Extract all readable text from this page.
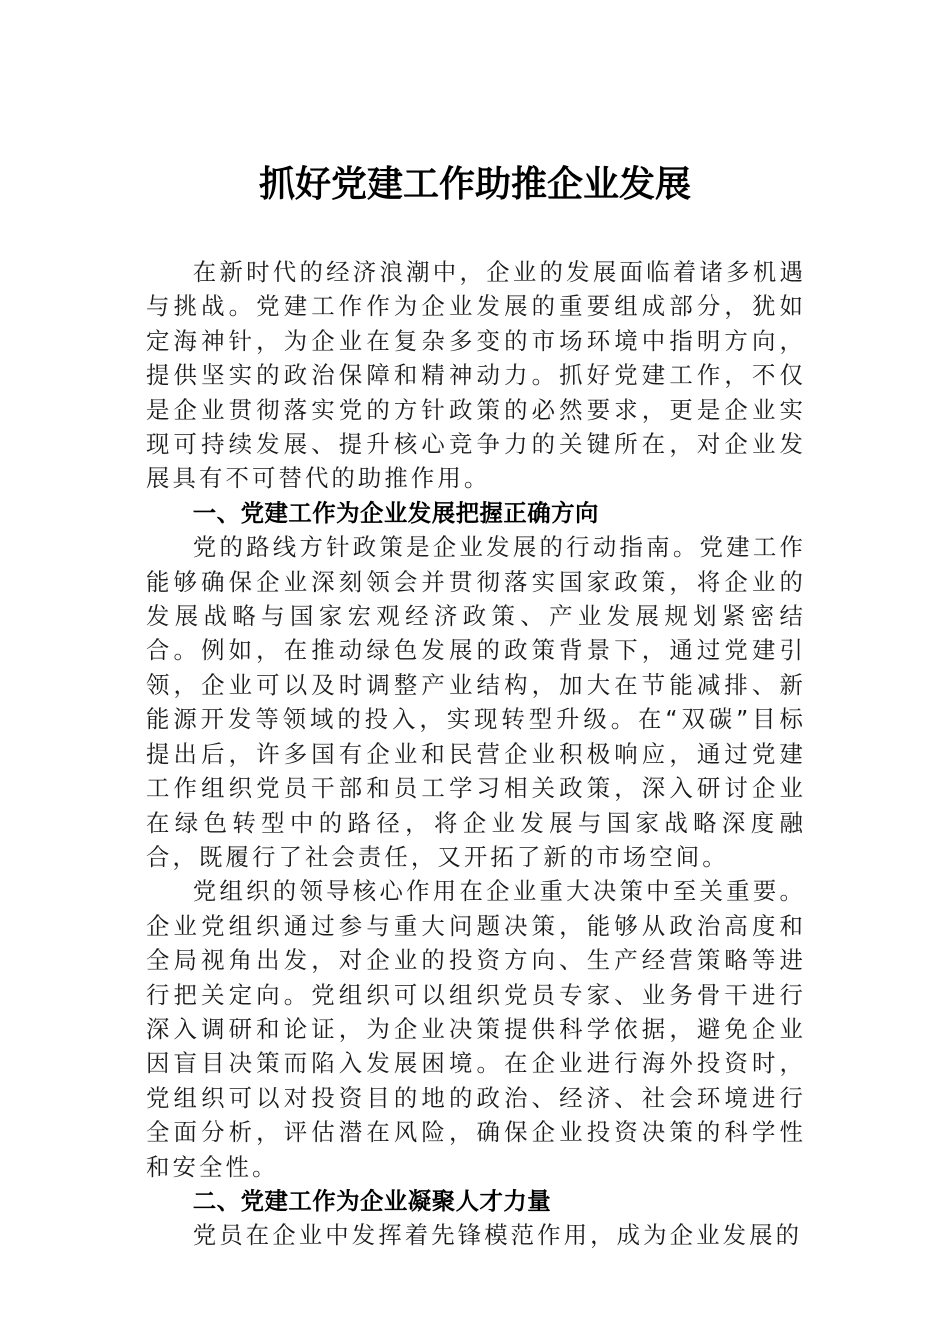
抓好党建工作助推企业发展

在新时代的经济浪潮中，企业的发展面临着诸多机遇与挑战。党建工作作为企业发展的重要组成部分，犹如定海神针，为企业在复杂多变的市场环境中指明方向，提供坚实的政治保障和精神动力。抓好党建工作，不仅是企业贯彻落实党的方针政策的必然要求，更是企业实现可持续发展、提升核心竞争力的关键所在，对企业发展具有不可替代的助推作用。

一、党建工作为企业发展把握正确方向

党的路线方针政策是企业发展的行动指南。党建工作能够确保企业深刻领会并贯彻落实国家政策，将企业的发展战略与国家宏观经济政策、产业发展规划紧密结合。例如，在推动绿色发展的政策背景下，通过党建引领，企业可以及时调整产业结构，加大在节能减排、新能源开发等领域的投入，实现转型升级。在“双碳”目标提出后，许多国有企业和民营企业积极响应，通过党建工作组织党员干部和员工学习相关政策，深入研讨企业在绿色转型中的路径，将企业发展与国家战略深度融合，既履行了社会责任，又开拓了新的市场空间。

党组织的领导核心作用在企业重大决策中至关重要。企业党组织通过参与重大问题决策，能够从政治高度和全局视角出发，对企业的投资方向、生产经营策略等进行把关定向。党组织可以组织党员专家、业务骨干进行深入调研和论证，为企业决策提供科学依据，避免企业因盲目决策而陷入发展困境。在企业进行海外投资时，党组织可以对投资目的地的政治、经济、社会环境进行全面分析，评估潜在风险，确保企业投资决策的科学性和安全性。

二、党建工作为企业凝聚人才力量

党员在企业中发挥着先锋模范作用，成为企业发展的
